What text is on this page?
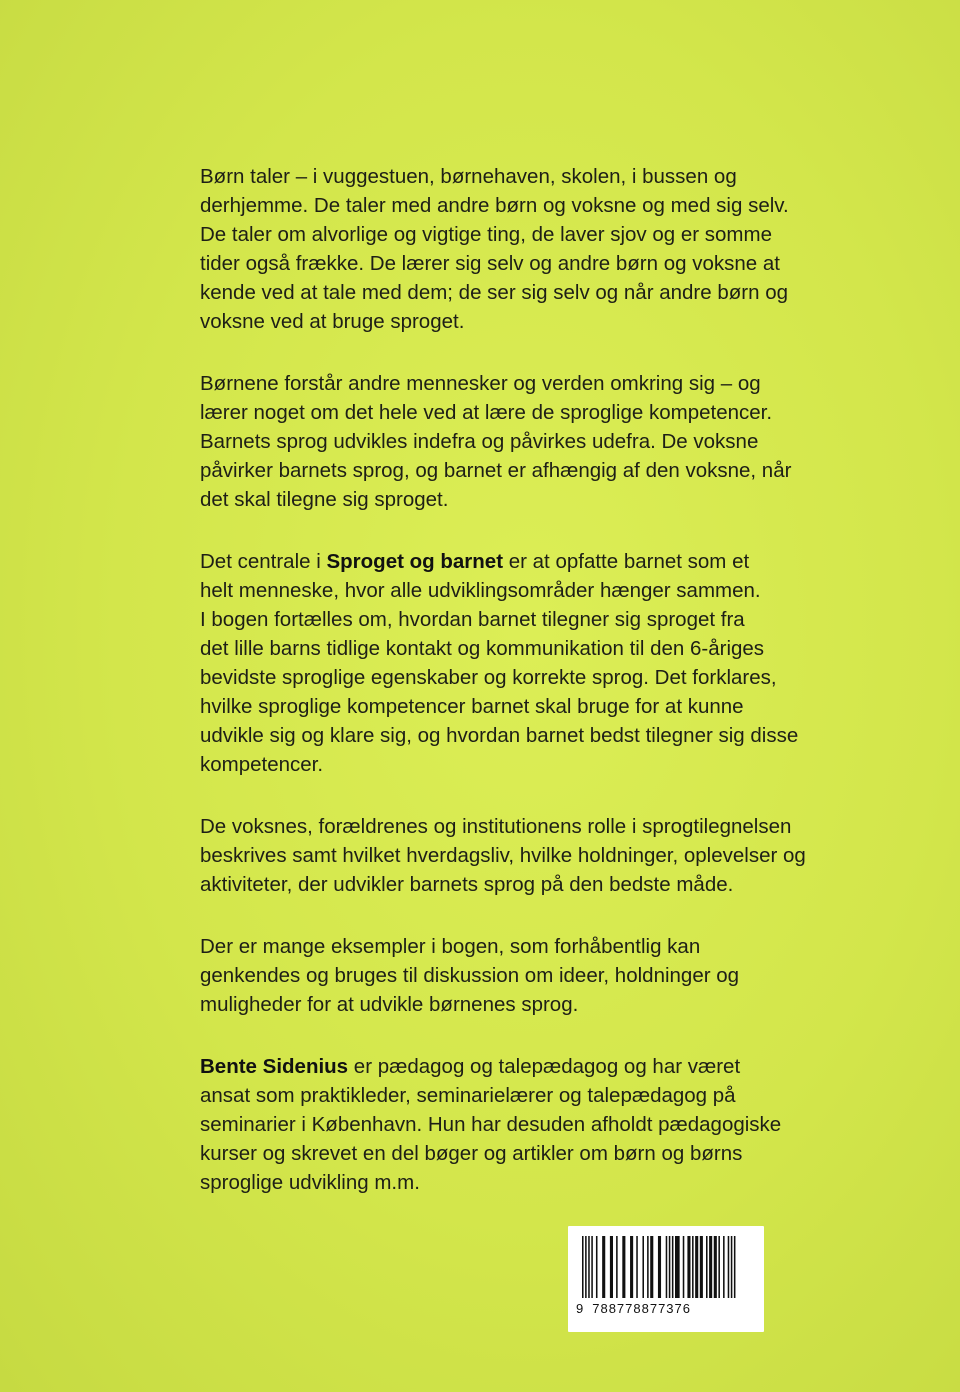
Børn taler – i vuggestuen, børnehaven, skolen, i bussen og
derhjemme. De taler med andre børn og voksne og med sig selv.
De taler om alvorlige og vigtige ting, de laver sjov og er somme
tider også frække. De lærer sig selv og andre børn og voksne at
kende ved at tale med dem; de ser sig selv og når andre børn og
voksne ved at bruge sproget.

Børnene forstår andre mennesker og verden omkring sig – og
lærer noget om det hele ved at lære de sproglige kompetencer.
Barnets sprog udvikles indefra og påvirkes udefra. De voksne
påvirker barnets sprog, og barnet er afhængig af den voksne, når
det skal tilegne sig sproget.

Det centrale i Sproget og barnet er at opfatte barnet som et
helt menneske, hvor alle udviklingsområder hænger sammen.
I bogen fortælles om, hvordan barnet tilegner sig sproget fra
det lille barns tidlige kontakt og kommunikation til den 6-åriges
bevidste sproglige egenskaber og korrekte sprog. Det forklares,
hvilke sproglige kompetencer barnet skal bruge for at kunne
udvikle sig og klare sig, og hvordan barnet bedst tilegner sig disse
kompetencer.

De voksnes, forældrenes og institutionens rolle i sprogtilegnelsen
beskrives samt hvilket hverdagsliv, hvilke holdninger, oplevelser og
aktiviteter, der udvikler barnets sprog på den bedste måde.

Der er mange eksempler i bogen, som forhåbentlig kan
genkendes og bruges til diskussion om ideer, holdninger og
muligheder for at udvikle børnenes sprog.

Bente Sidenius er pædagog og talepædagog og har været
ansat som praktikleder, seminarielærer og talepædagog på
seminarier i København. Hun har desuden afholdt pædagogiske
kurser og skrevet en del bøger og artikler om børn og børns
sproglige udvikling m.m.

9 788778877376
